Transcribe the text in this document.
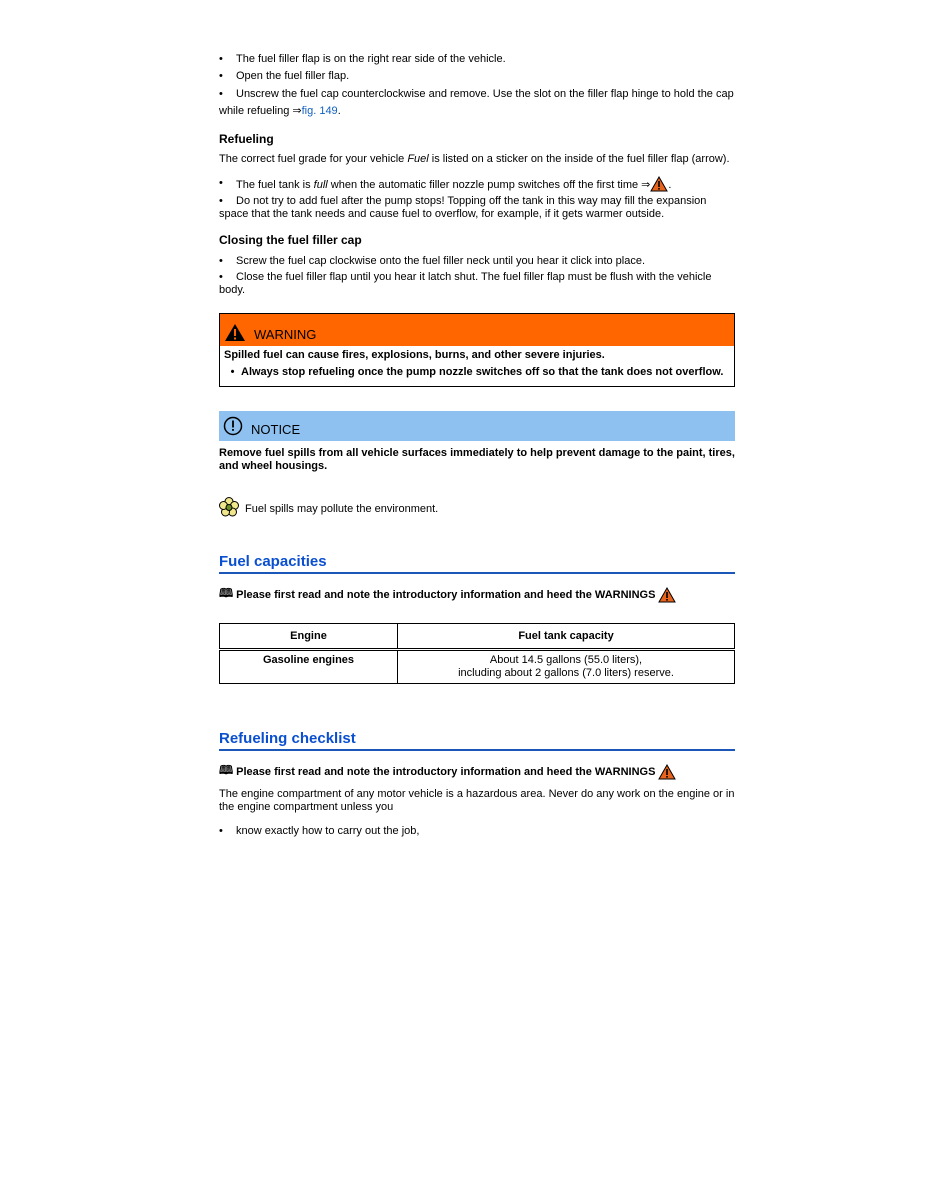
•	The fuel filler flap is on the right rear side of the vehicle.
•	Open the fuel filler flap.
• Unscrew the fuel cap counterclockwise and remove. Use the slot on the filler flap hinge to hold the cap while refueling ⇒fig. 149.
Refueling

The correct fuel grade for your vehicle Fuel is listed on a sticker on the inside of the fuel filler flap (arrow).

•	The fuel tank is full when the automatic filler nozzle pump switches off the first time ⇒ .
• Do not try to add fuel after the pump stops! Topping off the tank in this way may fill the expansion space that the tank needs and cause fuel to overflow, for example, if it gets warmer outside.
Closing the fuel filler cap
•	Screw the fuel cap clockwise onto the fuel filler neck until you hear it click into place.
• Close the fuel filler flap until you hear it latch shut. The fuel filler flap must be flush with the vehicle body.
WARNING

Spilled fuel can cause fires, explosions, burns, and other severe injuries.

• Always stop refueling once the pump nozzle switches off so that the tank does not overflow.

NOTICE
Remove fuel spills from all vehicle surfaces immediately to help prevent damage to the paint, tires, and wheel housings.
Fuel spills may pollute the environment.
Fuel capacities
🕮 Please first read and note the introductory information and heed the WARNINGS
Engine	Fuel tank capacity
Gasoline engines	About 14.5 gallons (55.0 liters),
including about 2 gallons (7.0 liters) reserve.
Refueling checklist
🕮 Please first read and note the introductory information and heed the WARNINGS

The engine compartment of any motor vehicle is a hazardous area. Never do any work on the engine or in the engine compartment unless you

•	know exactly how to carry out the job,
